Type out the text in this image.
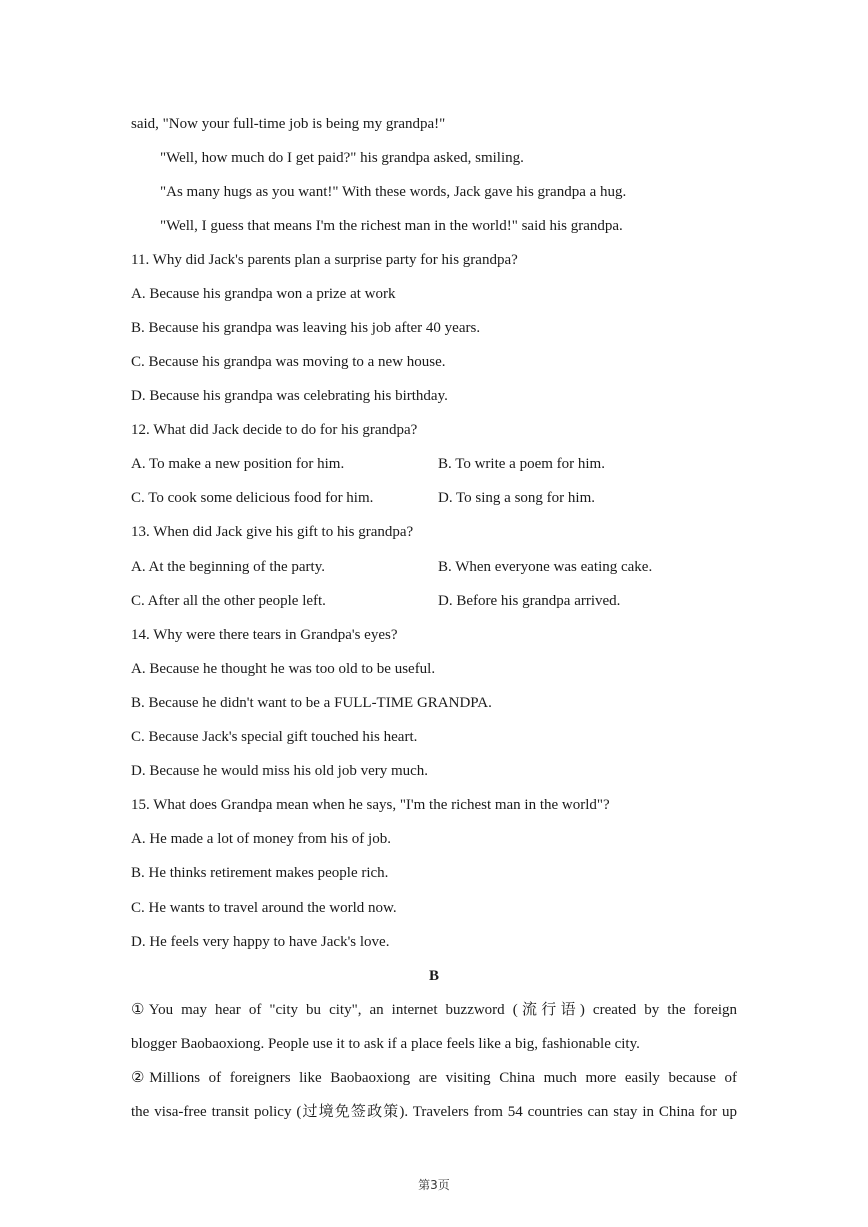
said, "Now your full-time job is being my grandpa!"
"Well, how much do I get paid?" his grandpa asked, smiling.
"As many hugs as you want!" With these words, Jack gave his grandpa a hug.
"Well, I guess that means I'm the richest man in the world!" said his grandpa.
11. Why did Jack's parents plan a surprise party for his grandpa?
A. Because his grandpa won a prize at work
B. Because his grandpa was leaving his job after 40 years.
C. Because his grandpa was moving to a new house.
D. Because his grandpa was celebrating his birthday.
12. What did Jack decide to do for his grandpa?
A. To make a new position for him.	B. To write a poem for him.
C. To cook some delicious food for him.	D. To sing a song for him.
13. When did Jack give his gift to his grandpa?
A. At the beginning of the party.	B. When everyone was eating cake.
C. After all the other people left.	D. Before his grandpa arrived.
14. Why were there tears in Grandpa's eyes?
A. Because he thought he was too old to be useful.
B. Because he didn't want to be a FULL-TIME GRANDPA.
C. Because Jack's special gift touched his heart.
D. Because he would miss his old job very much.
15. What does Grandpa mean when he says, "I'm the richest man in the world"?
A. He made a lot of money from his of job.
B. He thinks retirement makes people rich.
C. He wants to travel around the world now.
D. He feels very happy to have Jack's love.
B
①You may hear of "city bu city", an internet buzzword (流行语) created by the foreign
blogger Baobaoxiong. People use it to ask if a place feels like a big, fashionable city.
②Millions of foreigners like Baobaoxiong are visiting China much more easily because of
the visa-free transit policy (过境免签政策). Travelers from 54 countries can stay in China for up
第3页
